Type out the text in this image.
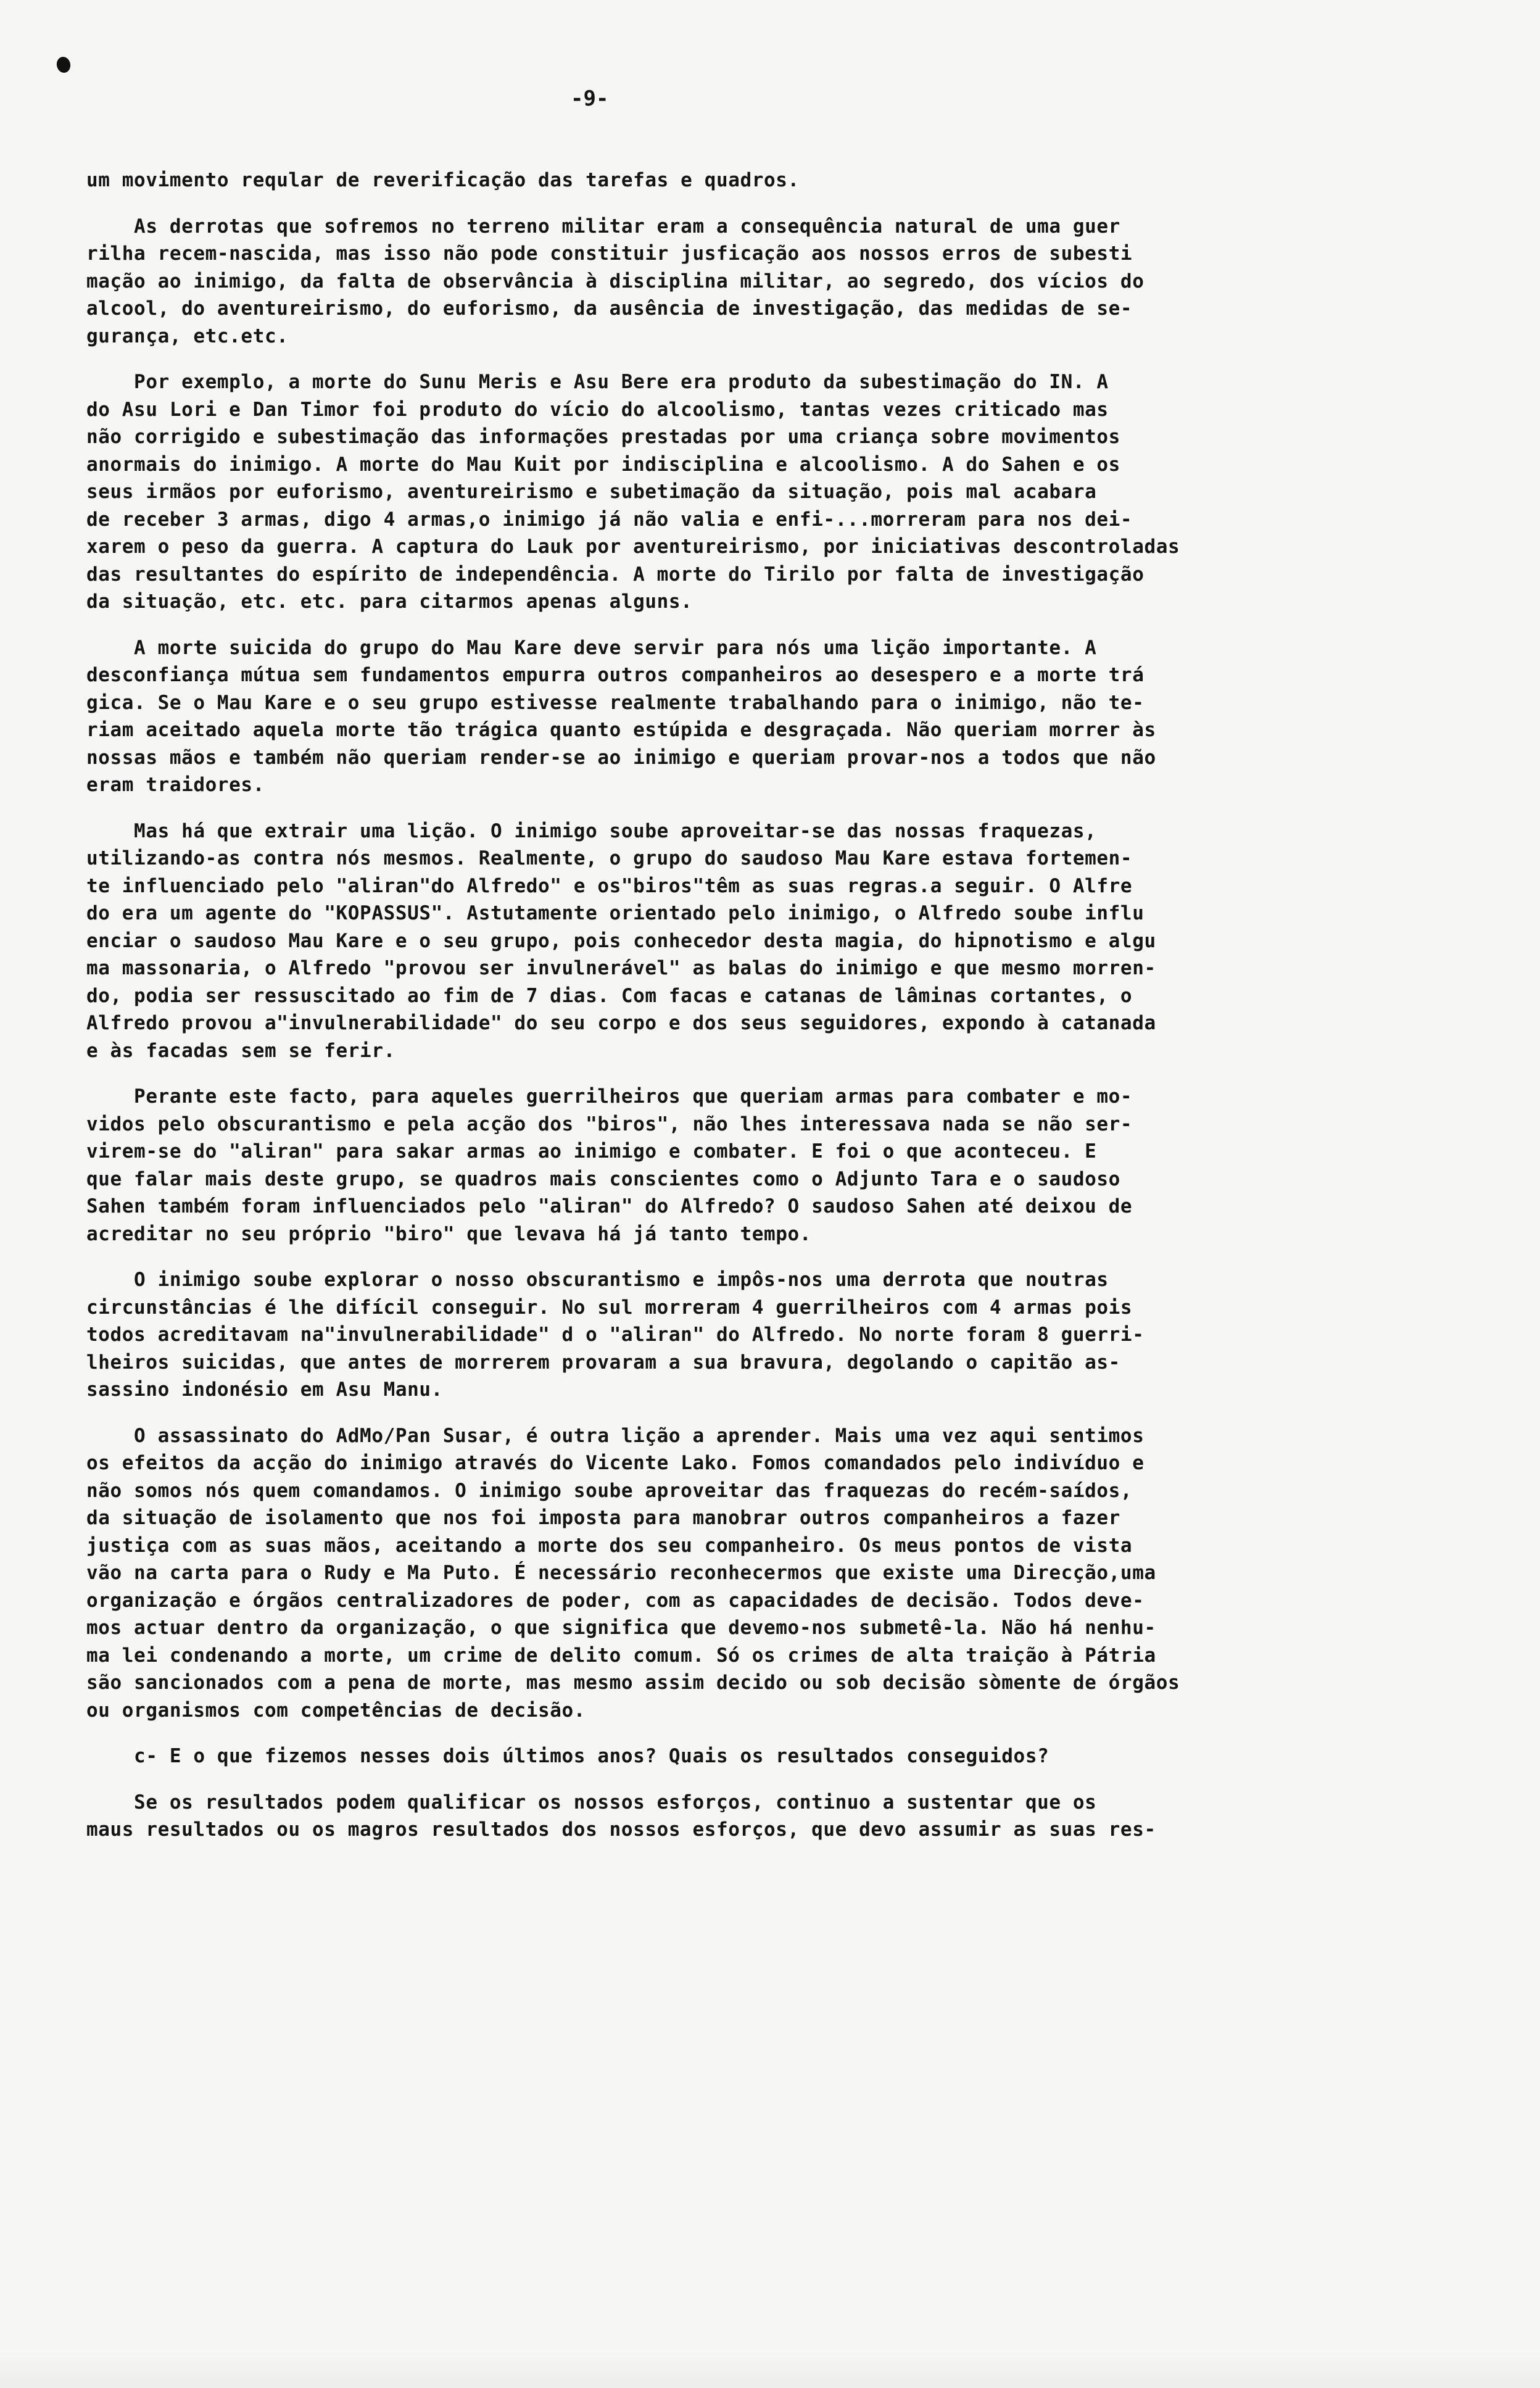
-9-
um movimento reqular de reverificação das tarefas e quadros.
As derrotas que sofremos no terreno militar eram a consequência natural de uma guer
rilha recem-nascida, mas isso não pode constituir jusficação aos nossos erros de subesti
mação ao inimigo, da falta de observância à disciplina militar, ao segredo, dos vícios do
alcool, do aventureirismo, do euforismo, da ausência de investigação, das medidas de se-
gurança, etc.etc.
Por exemplo, a morte do Sunu Meris e Asu Bere era produto da subestimação do IN. A
do Asu Lori e Dan Timor foi produto do vício do alcoolismo, tantas vezes criticado mas
não corrigido e subestimação das informações prestadas por uma criança sobre movimentos
anormais do inimigo. A morte do Mau Kuit por indisciplina e alcoolismo. A do Sahen e os
seus irmãos por euforismo, aventureirismo e subetimação da situação, pois mal acabara
de receber 3 armas, digo 4 armas,o inimigo já não valia e enfi-...morreram para nos dei-
xarem o peso da guerra. A captura do Lauk por aventureirismo, por iniciativas descontroladas
das resultantes do espírito de independência. A morte do Tirilo por falta de investigação
da situação, etc. etc. para citarmos apenas alguns.
A morte suicida do grupo do Mau Kare deve servir para nós uma lição importante. A
desconfiança mútua sem fundamentos empurra outros companheiros ao desespero e a morte trá
gica. Se o Mau Kare e o seu grupo estivesse realmente trabalhando para o inimigo, não te-
riam aceitado aquela morte tão trágica quanto estúpida e desgraçada. Não queriam morrer às
nossas mãos e também não queriam render-se ao inimigo e queriam provar-nos a todos que não
eram traidores.
Mas há que extrair uma lição. O inimigo soube aproveitar-se das nossas fraquezas,
utilizando-as contra nós mesmos. Realmente, o grupo do saudoso Mau Kare estava fortemen-
te influenciado pelo "aliran"do Alfredo" e os"biros"têm as suas regras.a seguir. O Alfre
do era um agente do "KOPASSUS". Astutamente orientado pelo inimigo, o Alfredo soube influ
enciar o saudoso Mau Kare e o seu grupo, pois conhecedor desta magia, do hipnotismo e algu
ma massonaria, o Alfredo "provou ser invulnerável" as balas do inimigo e que mesmo morren-
do, podia ser ressuscitado ao fim de 7 dias. Com facas e catanas de lâminas cortantes, o
Alfredo provou a"invulnerabilidade" do seu corpo e dos seus seguidores, expondo à catanada
e às facadas sem se ferir.
Perante este facto, para aqueles guerrilheiros que queriam armas para combater e mo-
vidos pelo obscurantismo e pela acção dos "biros", não lhes interessava nada se não ser-
virem-se do "aliran" para sakar armas ao inimigo e combater. E foi o que aconteceu. E
que falar mais deste grupo, se quadros mais conscientes como o Adjunto Tara e o saudoso
Sahen também foram influenciados pelo "aliran" do Alfredo? O saudoso Sahen até deixou de
acreditar no seu próprio "biro" que levava há já tanto tempo.
O inimigo soube explorar o nosso obscurantismo e impôs-nos uma derrota que noutras
circunstâncias é lhe difícil conseguir. No sul morreram 4 guerrilheiros com 4 armas pois
todos acreditavam na"invulnerabilidade" d o "aliran" do Alfredo. No norte foram 8 guerri-
lheiros suicidas, que antes de morrerem provaram a sua bravura, degolando o capitão as-
sassino indonésio em Asu Manu.
O assassinato do AdMo/Pan Susar, é outra lição a aprender. Mais uma vez aqui sentimos
os efeitos da acção do inimigo através do Vicente Lako. Fomos comandados pelo indivíduo e
não somos nós quem comandamos. O inimigo soube aproveitar das fraquezas do recém-saídos,
da situação de isolamento que nos foi imposta para manobrar outros companheiros a fazer
justiça com as suas mãos, aceitando a morte dos seu companheiro. Os meus pontos de vista
vão na carta para o Rudy e Ma Puto. É necessário reconhecermos que existe uma Direcção,uma
organização e órgãos centralizadores de poder, com as capacidades de decisão. Todos deve-
mos actuar dentro da organização, o que significa que devemo-nos submetê-la. Não há nenhu-
ma lei condenando a morte, um crime de delito comum. Só os crimes de alta traição à Pátria
são sancionados com a pena de morte, mas mesmo assim decido ou sob decisão sòmente de órgãos
ou organismos com competências de decisão.
c- E o que fizemos nesses dois últimos anos? Quais os resultados conseguidos?
Se os resultados podem qualificar os nossos esforços, continuo a sustentar que os
maus resultados ou os magros resultados dos nossos esforços, que devo assumir as suas res-
